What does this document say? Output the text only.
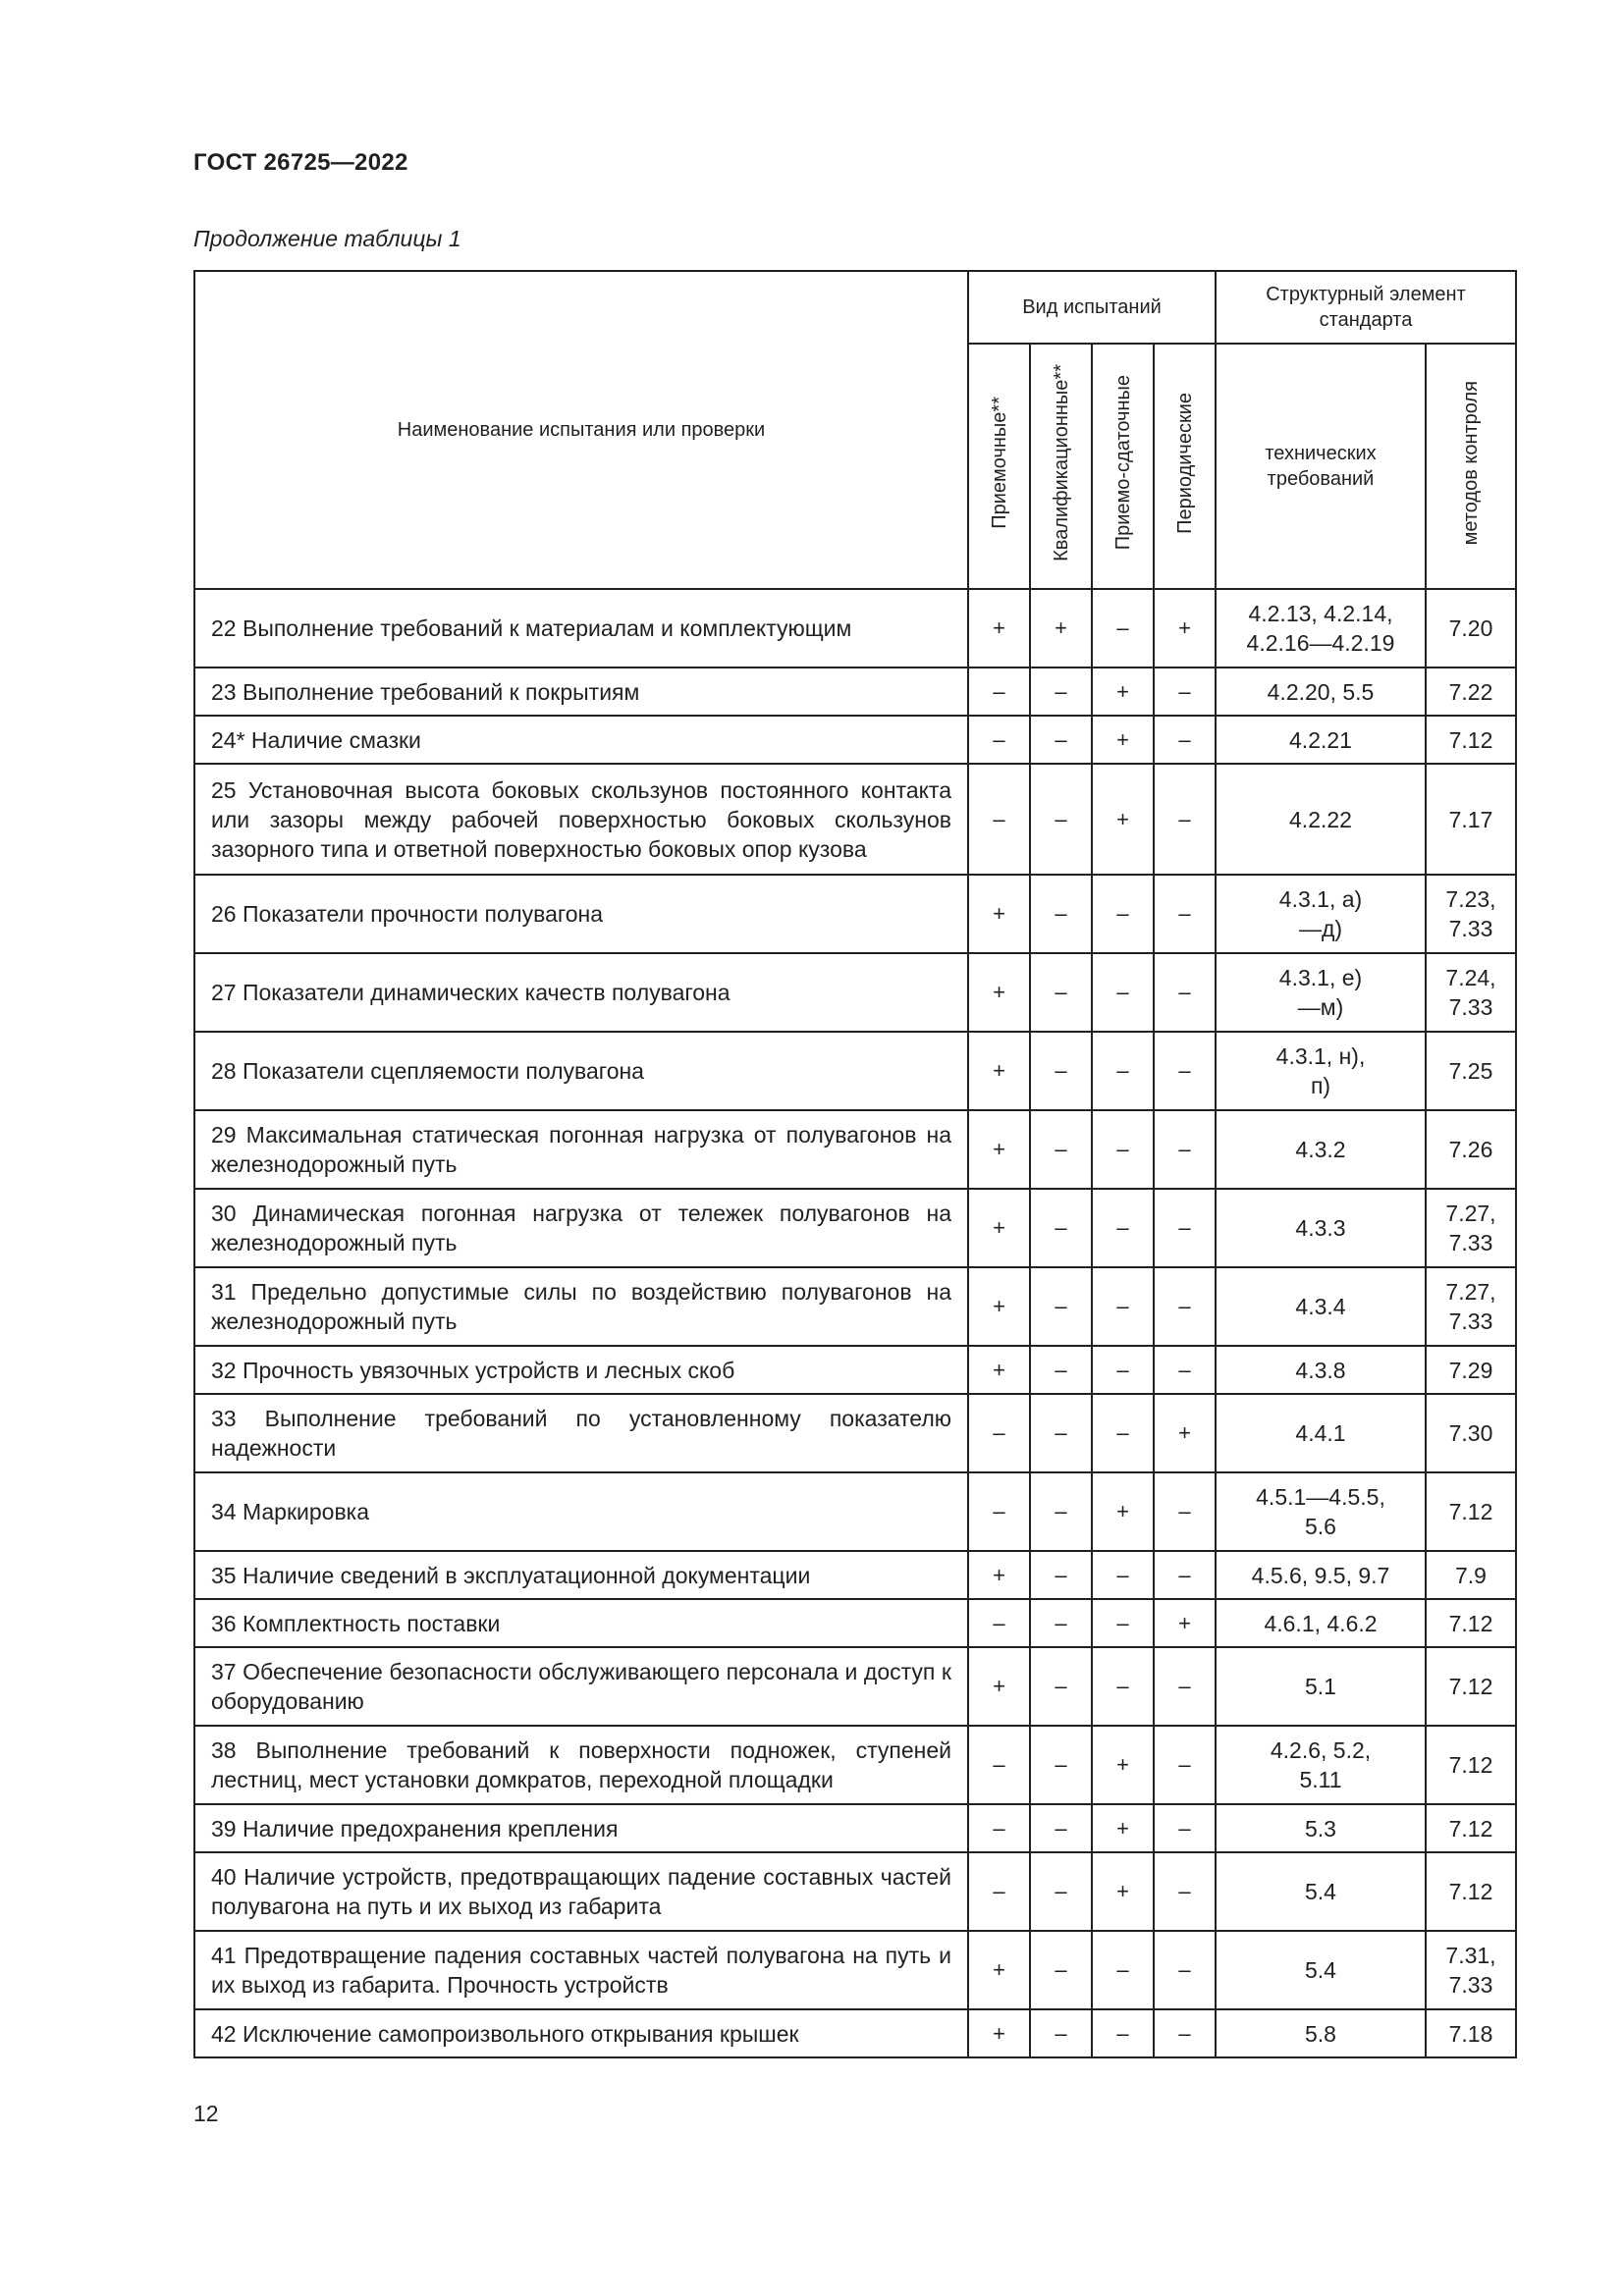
ГОСТ 26725—2022
Продолжение таблицы 1
Наименование испытания или проверки	Вид испытаний				Структурный элемент стандарта	
	Приемочные**	Квалификационные**	Приемо-сдаточные	Периодические	технических требований	методов контроля
22 Выполнение требований к материалам и комплектующим	+	+	–	+	4.2.13, 4.2.14, 4.2.16—4.2.19	7.20
23 Выполнение требований к покрытиям	–	–	+	–	4.2.20, 5.5	7.22
24* Наличие смазки	–	–	+	–	4.2.21	7.12
25 Установочная высота боковых скользунов постоянного контакта или зазоры между рабочей поверхностью боковых скользунов зазорного типа и ответной поверхностью боковых опор кузова	–	–	+	–	4.2.22	7.17
26 Показатели прочности полувагона	+	–	–	–	4.3.1, а)—д)	7.23, 7.33
27 Показатели динамических качеств полувагона	+	–	–	–	4.3.1, е)—м)	7.24, 7.33
28 Показатели сцепляемости полувагона	+	–	–	–	4.3.1, н), п)	7.25
29 Максимальная статическая погонная нагрузка от полувагонов на железнодорожный путь	+	–	–	–	4.3.2	7.26
30 Динамическая погонная нагрузка от тележек полувагонов на железнодорожный путь	+	–	–	–	4.3.3	7.27, 7.33
31 Предельно допустимые силы по воздействию полувагонов на железнодорожный путь	+	–	–	–	4.3.4	7.27, 7.33
32 Прочность увязочных устройств и лесных скоб	+	–	–	–	4.3.8	7.29
33 Выполнение требований по установленному показателю надежности	–	–	–	+	4.4.1	7.30
34 Маркировка	–	–	+	–	4.5.1—4.5.5, 5.6	7.12
35 Наличие сведений в эксплуатационной документации	+	–	–	–	4.5.6, 9.5, 9.7	7.9
36 Комплектность поставки	–	–	–	+	4.6.1, 4.6.2	7.12
37 Обеспечение безопасности обслуживающего персонала и доступ к оборудованию	+	–	–	–	5.1	7.12
38 Выполнение требований к поверхности подножек, ступеней лестниц, мест установки домкратов, переходной площадки	–	–	+	–	4.2.6, 5.2, 5.11	7.12
39 Наличие предохранения крепления	–	–	+	–	5.3	7.12
40 Наличие устройств, предотвращающих падение составных частей полувагона на путь и их выход из габарита	–	–	+	–	5.4	7.12
41 Предотвращение падения составных частей полувагона на путь и их выход из габарита. Прочность устройств	+	–	–	–	5.4	7.31, 7.33
42 Исключение самопроизвольного открывания крышек	+	–	–	–	5.8	7.18
12
